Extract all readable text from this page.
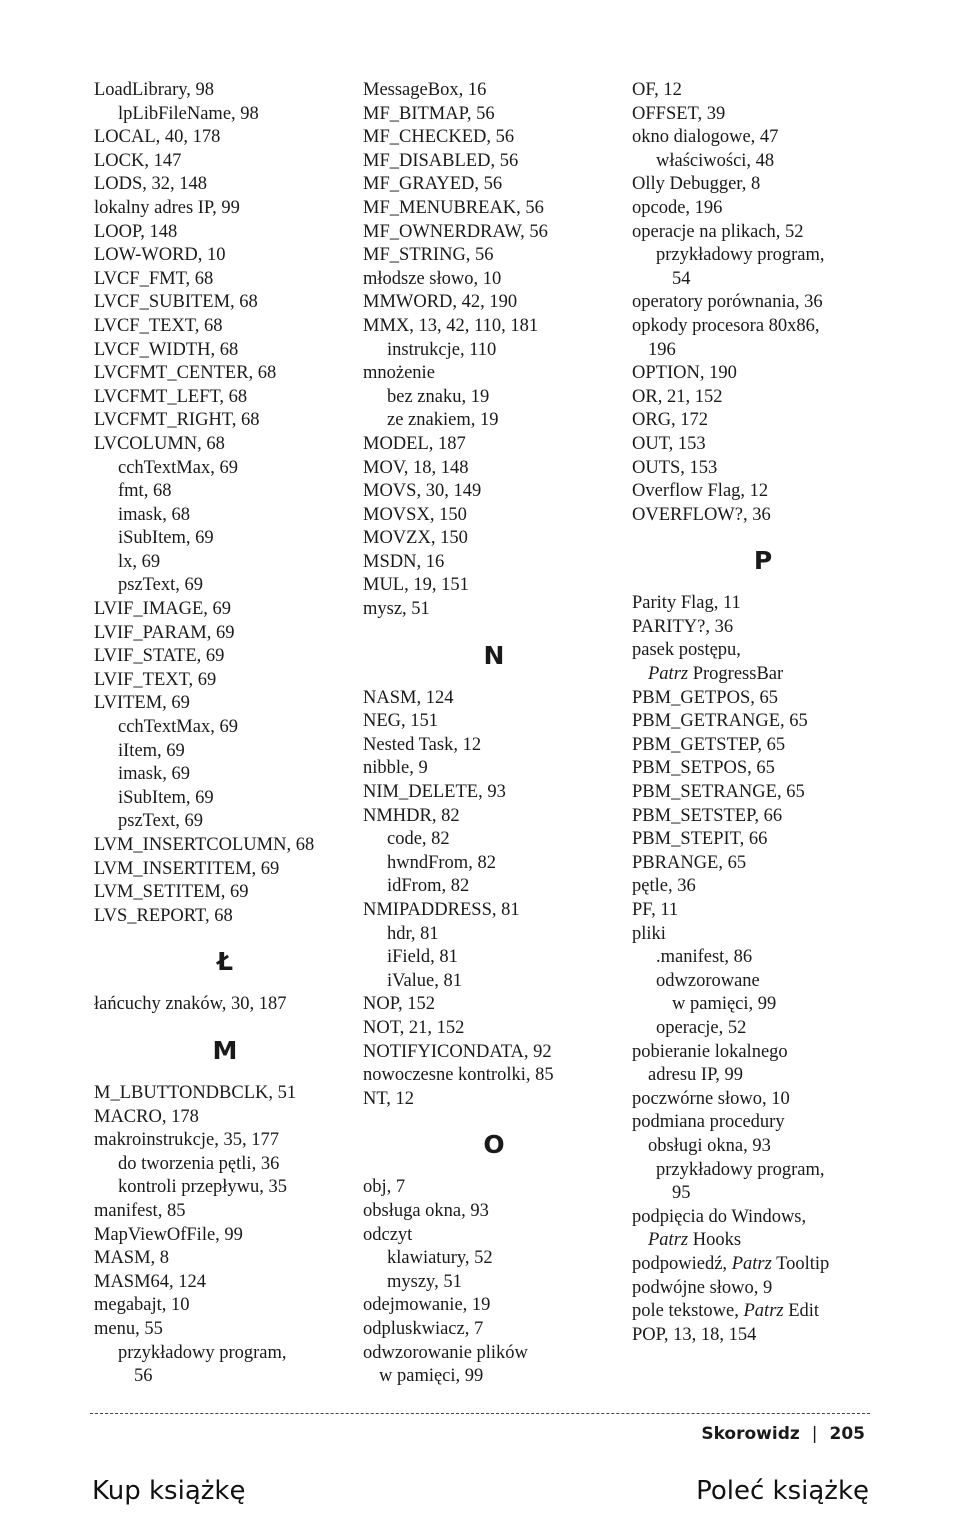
LoadLibrary, 98
lpLibFileName, 98
LOCAL, 40, 178
LOCK, 147
LODS, 32, 148
lokalny adres IP, 99
LOOP, 148
LOW-WORD, 10
LVCF_FMT, 68
LVCF_SUBITEM, 68
LVCF_TEXT, 68
LVCF_WIDTH, 68
LVCFMT_CENTER, 68
LVCFMT_LEFT, 68
LVCFMT_RIGHT, 68
LVCOLUMN, 68
cchTextMax, 69
fmt, 68
imask, 68
iSubItem, 69
lx, 69
pszText, 69
LVIF_IMAGE, 69
LVIF_PARAM, 69
LVIF_STATE, 69
LVIF_TEXT, 69
LVITEM, 69
cchTextMax, 69
iItem, 69
imask, 69
iSubItem, 69
pszText, 69
LVM_INSERTCOLUMN, 68
LVM_INSERTITEM, 69
LVM_SETITEM, 69
LVS_REPORT, 68
Ł
łańcuchy znaków, 30, 187
M
M_LBUTTONDBCLK, 51
MACRO, 178
makroinstrukcje, 35, 177
do tworzenia pętli, 36
kontroli przepływu, 35
manifest, 85
MapViewOfFile, 99
MASM, 8
MASM64, 124
megabajt, 10
menu, 55
przykładowy program,
56
MessageBox, 16
MF_BITMAP, 56
MF_CHECKED, 56
MF_DISABLED, 56
MF_GRAYED, 56
MF_MENUBREAK, 56
MF_OWNERDRAW, 56
MF_STRING, 56
młodsze słowo, 10
MMWORD, 42, 190
MMX, 13, 42, 110, 181
instrukcje, 110
mnożenie
bez znaku, 19
ze znakiem, 19
MODEL, 187
MOV, 18, 148
MOVS, 30, 149
MOVSX, 150
MOVZX, 150
MSDN, 16
MUL, 19, 151
mysz, 51
N
NASM, 124
NEG, 151
Nested Task, 12
nibble, 9
NIM_DELETE, 93
NMHDR, 82
code, 82
hwndFrom, 82
idFrom, 82
NMIPADDRESS, 81
hdr, 81
iField, 81
iValue, 81
NOP, 152
NOT, 21, 152
NOTIFYICONDATA, 92
nowoczesne kontrolki, 85
NT, 12
O
obj, 7
obsługa okna, 93
odczyt
klawiatury, 52
myszy, 51
odejmowanie, 19
odpluskwiacz, 7
odwzorowanie plików
w pamięci, 99
OF, 12
OFFSET, 39
okno dialogowe, 47
właściwości, 48
Olly Debugger, 8
opcode, 196
operacje na plikach, 52
przykładowy program,
54
operatory porównania, 36
opkody procesora 80x86,
196
OPTION, 190
OR, 21, 152
ORG, 172
OUT, 153
OUTS, 153
Overflow Flag, 12
OVERFLOW?, 36
P
Parity Flag, 11
PARITY?, 36
pasek postępu,
Patrz ProgressBar
PBM_GETPOS, 65
PBM_GETRANGE, 65
PBM_GETSTEP, 65
PBM_SETPOS, 65
PBM_SETRANGE, 65
PBM_SETSTEP, 66
PBM_STEPIT, 66
PBRANGE, 65
pętle, 36
PF, 11
pliki
.manifest, 86
odwzorowane
w pamięci, 99
operacje, 52
pobieranie lokalnego
adresu IP, 99
poczwórne słowo, 10
podmiana procedury
obsługi okna, 93
przykładowy program,
95
podpięcia do Windows,
Patrz Hooks
podpowiedź, Patrz Tooltip
podwójne słowo, 9
pole tekstowe, Patrz Edit
POP, 13, 18, 154
Skorowidz | 205
Kup książkę	Poleć książkę
